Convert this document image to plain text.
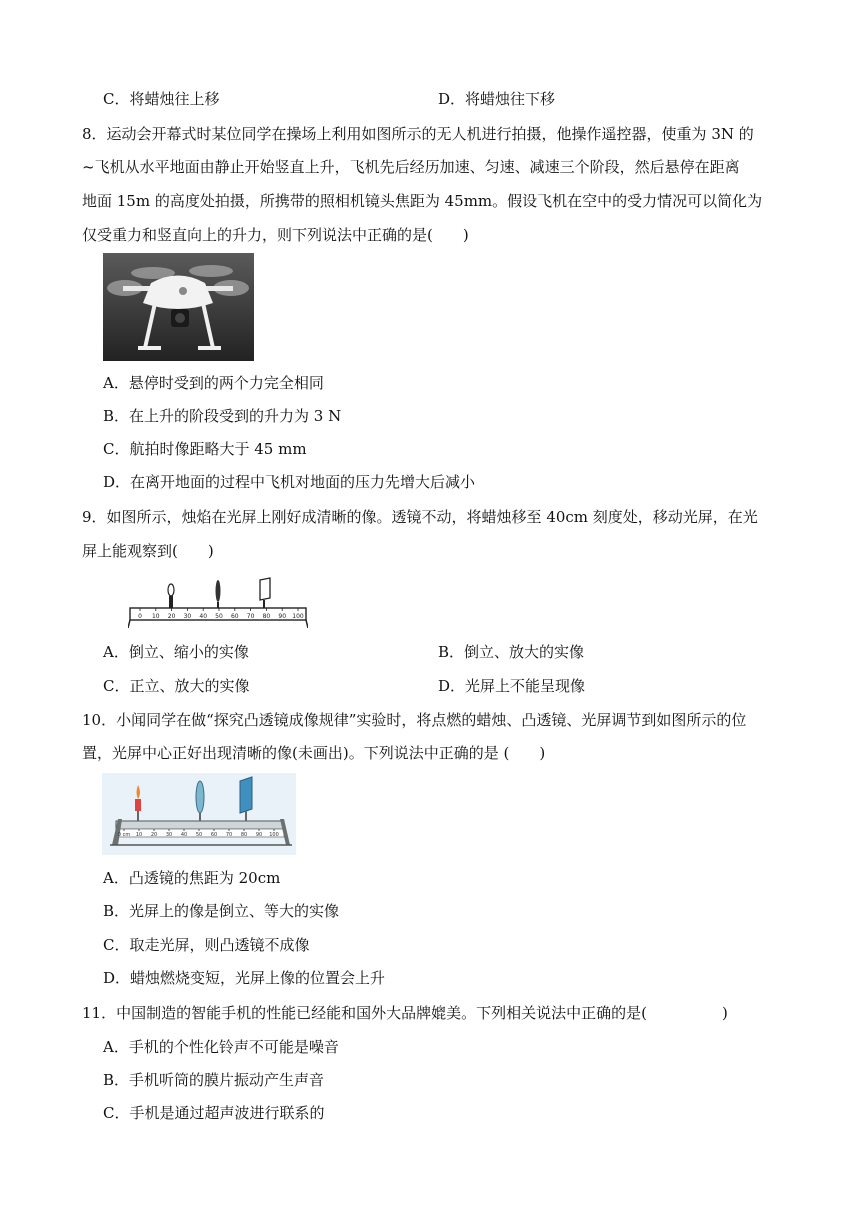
C．将蜡烛往上移	D．将蜡烛往下移
8．运动会开幕式时某位同学在操场上利用如图所示的无人机进行拍摄，他操作遥控器，使重为 3N 的
~飞机从水平地面由静止开始竖直上升，飞机先后经历加速、匀速、减速三个阶段，然后悬停在距离
地面 15m 的高度处拍摄，所携带的照相机镜头焦距为 45mm。假设飞机在空中的受力情况可以简化为
仅受重力和竖直向上的升力，则下列说法中正确的是(　　)
A．悬停时受到的两个力完全相同
B．在上升的阶段受到的升力为 3 N
C．航拍时像距略大于 45 mm
D．在离开地面的过程中飞机对地面的压力先增大后减小
9．如图所示，烛焰在光屏上刚好成清晰的像。透镜不动，将蜡烛移至 40cm 刻度处，移动光屏，在光
屏上能观察到(　　)
0 10 20 30 40 50 60 70 80 90 100
A．倒立、缩小的实像	B．倒立、放大的实像
C．正立、放大的实像	D．光屏上不能呈现像
10．小闻同学在做“探究凸透镜成像规律”实验时，将点燃的蜡烛、凸透镜、光屏调节到如图所示的位
置，光屏中心正好出现清晰的像(未画出)。下列说法中正确的是 (　　)
0 cm 10 20 30 40 50 60 70 80 90 100
A．凸透镜的焦距为 20cm
B．光屏上的像是倒立、等大的实像
C．取走光屏，则凸透镜不成像
D．蜡烛燃烧变短，光屏上像的位置会上升
11．中国制造的智能手机的性能已经能和国外大品牌媲美。下列相关说法中正确的是(　　　　　)
A．手机的个性化铃声不可能是噪音
B．手机听筒的膜片振动产生声音
C．手机是通过超声波进行联系的
